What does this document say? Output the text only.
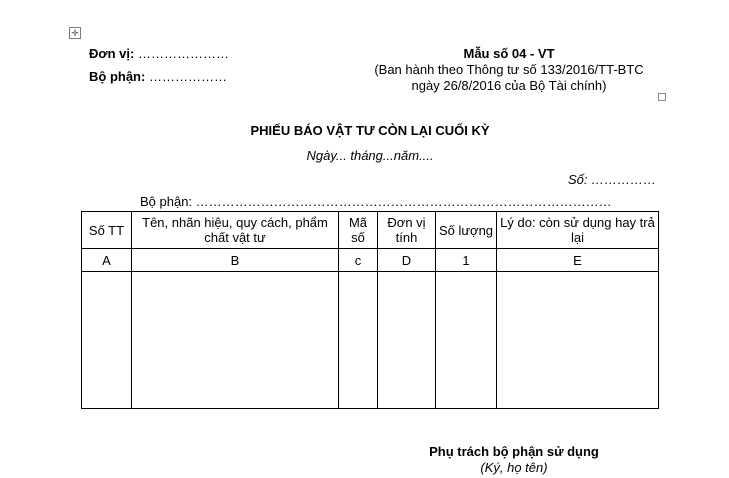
✛
Đơn vị: …………………
Bộ phận: ………………
Mẫu số 04 - VT
(Ban hành theo Thông tư số 133/2016/TT-BTC
ngày 26/8/2016 của Bộ Tài chính)
PHIẾU BÁO VẬT TƯ CÒN LẠI CUỐI KỲ
Ngày... tháng...năm....
Số: ……………
Bộ phận: ……………………………………………………………………………………
Số TT	Tên, nhãn hiệu, quy cách, phẩm chất vật tư	Mã số	Đơn vị tính	Số lượng	Lý do: còn sử dụng hay trả lại
A	B	c	D	1	E

Phụ trách bộ phận sử dụng
(Ký, họ tên)
